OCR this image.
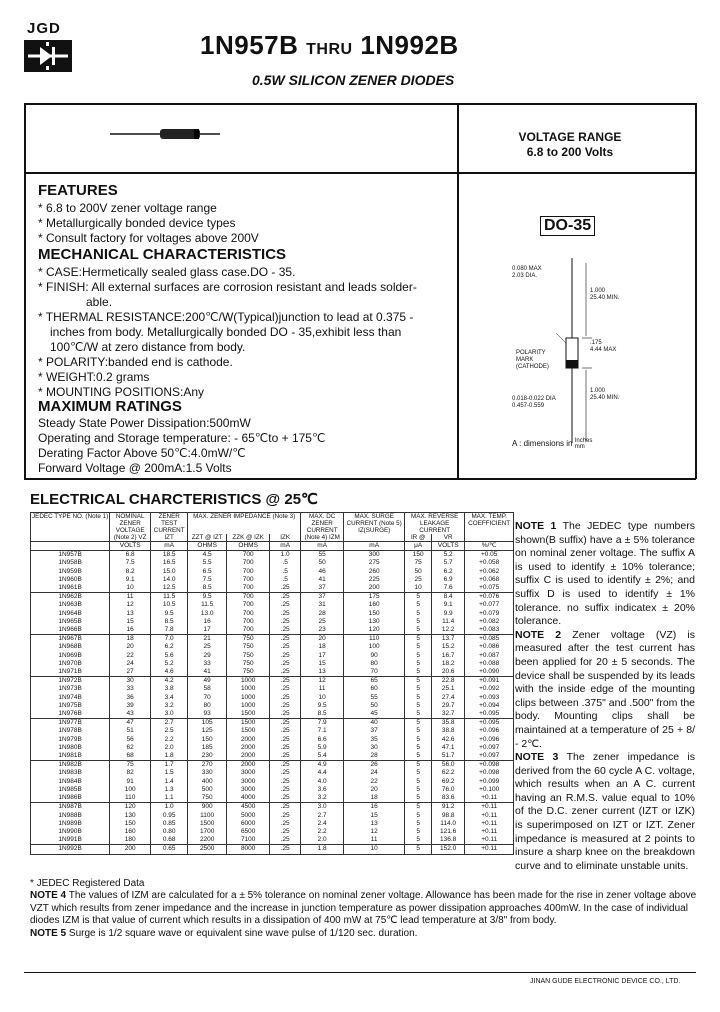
JGD
1N957B THRU 1N992B
0.5W SILICON ZENER DIODES
VOLTAGE RANGE
6.8 to 200 Volts
DO-35
0.080 MAX
2.03 DIA.
1.000
25.40 MIN.
.175
4.44 MAX
POLARITY
MARK
(CATHODE)
1.000
25.40 MIN.
0.018-0.022 DIA
0.457-0.559
A : dimensions in Inches
mm
FEATURES
* 6.8 to 200V zener voltage range
* Metallurgically bonded device types
* Consult factory for voltages above 200V
MECHANICAL CHARACTERISTICS
* CASE:Hermetically sealed glass case.DO - 35.
* FINISH: All external surfaces are corrosion resistant and leads solder-
able.
* THERMAL RESISTANCE:200℃/W(Typical)junction to lead at 0.375 -
inches from body. Metallurgically bonded DO - 35,exhibit less than
100℃/W at zero distance from body.
* POLARITY:banded end is cathode.
* WEIGHT:0.2 grams
* MOUNTING POSITIONS:Any
MAXIMUM RATINGS
Steady State Power Dissipation:500mW
Operating and Storage temperature: - 65℃to + 175℃
Derating Factor Above 50℃:4.0mW/℃
Forward Voltage @ 200mA:1.5 Volts
ELECTRICAL CHARCTERISTICS @ 25℃
JEDEC TYPE NO. (Note 1)	NOMINAL ZENER VOLTAGE (Note 2) VZ	ZENER TEST CURRENT IZT	MAX. ZENER IMPEDANCE (Note 3)			MAX. DC ZENER CURRENT (Note 4) IZM	MAX. SURGE CURRENT (Note 5) IZ(SURGE)	MAX. REVERSE LEAKAGE CURRENT		MAX. TEMP. COEFFICIENT
			ZZT @ IZT	ZZK @ IZK	IZK			IR @	VR	
	VOLTS	mA	OHMS	OHMS	mA	mA	mA	μA	VOLTS	%/℃
1N957B	6.8	18.5	4.5	700	1.0	55	300	150	5.2	+0.05
1N958B	7.5	16.5	5.5	700	.5	50	275	75	5.7	+0.058
1N959B	8.2	15.0	6.5	700	.5	46	260	50	6.2	+0.062
1N960B	9.1	14.0	7.5	700	.5	41	225	25	6.9	+0.068
1N961B	10	12.5	8.5	700	.25	37	200	10	7.6	+0.075
1N962B	11	11.5	9.5	700	.25	37	175	5	8.4	+0.076
1N963B	12	10.5	11.5	700	.25	31	160	5	9.1	+0.077
1N964B	13	9.5	13.0	700	.25	28	150	5	9.9	+0.079
1N965B	15	8.5	16	700	.25	25	130	5	11.4	+0.082
1N966B	16	7.8	17	700	.25	23	120	5	12.2	+0.083
1N967B	18	7.0	21	750	.25	20	110	5	13.7	+0.085
1N968B	20	6.2	25	750	.25	18	100	5	15.2	+0.086
1N969B	22	5.6	29	750	.25	17	90	5	16.7	+0.087
1N970B	24	5.2	33	750	.25	15	80	5	18.2	+0.088
1N971B	27	4.6	41	750	.25	13	70	5	20.6	+0.090
1N972B	30	4.2	49	1000	.25	12	65	5	22.8	+0.091
1N973B	33	3.8	58	1000	.25	11	60	5	25.1	+0.092
1N974B	36	3.4	70	1000	.25	10	55	5	27.4	+0.093
1N975B	39	3.2	80	1000	.25	9.5	50	5	29.7	+0.094
1N976B	43	3.0	93	1500	.25	8.5	45	5	32.7	+0.095
1N977B	47	2.7	105	1500	.25	7.9	40	5	35.8	+0.095
1N978B	51	2.5	125	1500	.25	7.1	37	5	38.8	+0.096
1N979B	56	2.2	150	2000	.25	6.6	35	5	42.6	+0.096
1N980B	62	2.0	185	2000	.25	5.9	30	5	47.1	+0.097
1N981B	68	1.8	230	2000	.25	5.4	28	5	51.7	+0.097
1N982B	75	1.7	270	2000	.25	4.9	26	5	56.0	+0.098
1N983B	82	1.5	330	3000	.25	4.4	24	5	62.2	+0.098
1N984B	91	1.4	400	3000	.25	4.0	22	5	69.2	+0.099
1N985B	100	1.3	500	3000	.25	3.6	20	5	76.0	+0.100
1N986B	110	1.1	750	4000	.25	3.2	18	5	83.6	+0.11
1N987B	120	1.0	900	4500	.25	3.0	16	5	91.2	+0.11
1N988B	130	0.95	1100	5000	.25	2.7	15	5	98.8	+0.11
1N989B	150	0.85	1500	6000	.25	2.4	13	5	114.0	+0.11
1N990B	160	0.80	1700	6500	.25	2.2	12	5	121.6	+0.11
1N991B	180	0.68	2200	7100	.25	2.0	11	5	136.8	+0.11
1N992B	200	0.65	2500	8000	.25	1.8	10	5	152.0	+0.11
* JEDEC Registered Data
NOTE 1 The JEDEC type numbers shown(B suffix) have a ± 5% tolerance on nominal zener voltage. The suffix A is used to identify ± 10% tolerance; suffix C is used to identify ± 2%; and suffix D is used to identify ± 1% tolerance. no suffix indicatex ± 20% tolerance.
NOTE 2 Zener voltage (VZ) is measured after the test current has been applied for 20 ± 5 seconds. The device shall be suspended by its leads with the inside edge of the mounting clips between .375" and .500" from the body. Mounting clips shall be maintained at a temperature of 25 + 8/ - 2℃.
NOTE 3 The zener impedance is derived from the 60 cycle A C. voltage, which results when an A C. current having an R.M.S. value equal to 10% of the D.C. zener current (IZT or IZK) is superimposed on IZT or IZT. Zener impedance is measured at 2 points to insure a sharp knee on the breakdown curve and to eliminate unstable units.
NOTE 4 The values of IZM are calculated for a ± 5% tolerance on nominal zener voltage. Allowance has been made for the rise in zener voltage above VZT which results from zener impedance and the increase in junction temperature as power dissipation approaches 400mW. In the case of individual diodes IZM is that value of current which results in a dissipation of 400 mW at 75℃ lead temperature at 3/8" from body.
NOTE 5 Surge is 1/2 square wave or equivalent sine wave pulse of 1/120 sec. duration.
JINAN GUDE ELECTRONIC DEVICE CO., LTD.
